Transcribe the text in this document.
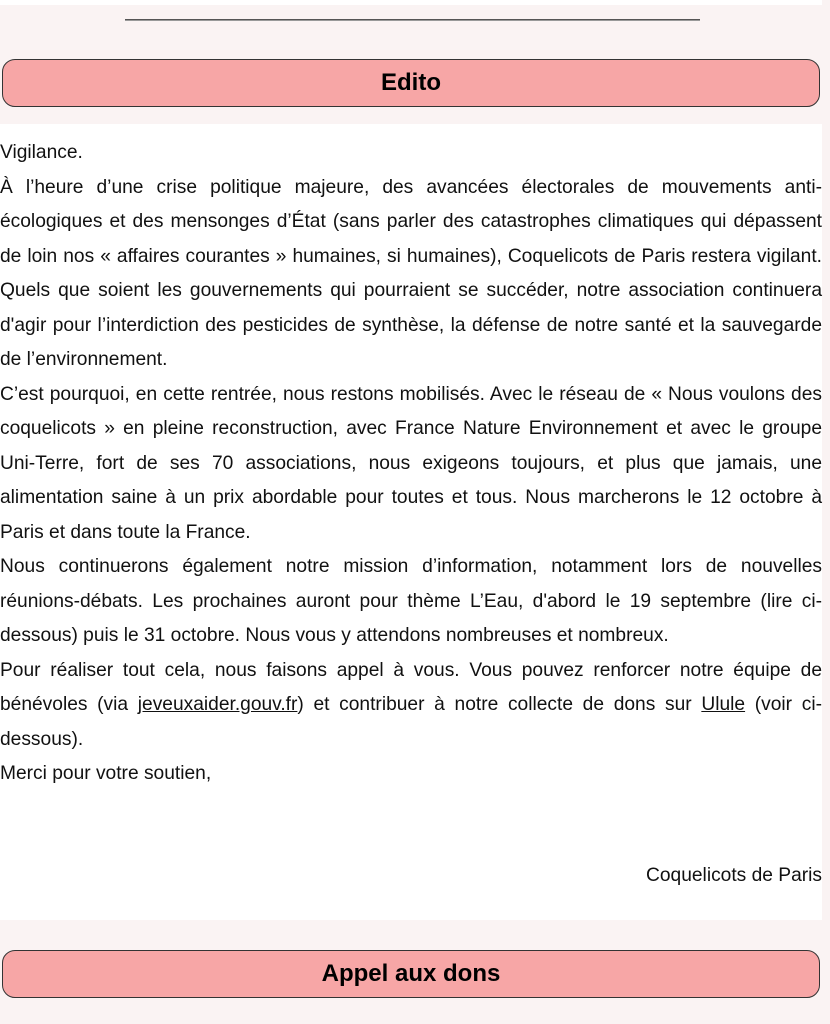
Edito

Vigilance.

À l’heure d’une crise politique majeure, des avancées électorales de mouvements anti-écologiques et des mensonges d’État (sans parler des catastrophes climatiques qui dépassent de loin nos « affaires courantes » humaines, si humaines), Coquelicots de Paris restera vigilant. Quels que soient les gouvernements qui pourraient se succéder, notre association continuera d'agir pour l’interdiction des pesticides de synthèse, la défense de notre santé et la sauvegarde de l’environnement.

C’est pourquoi, en cette rentrée, nous restons mobilisés. Avec le réseau de « Nous voulons des coquelicots » en pleine reconstruction, avec France Nature Environnement et avec le groupe Uni-Terre, fort de ses 70 associations, nous exigeons toujours, et plus que jamais, une alimentation saine à un prix abordable pour toutes et tous. Nous marcherons le 12 octobre à Paris et dans toute la France.

Nous continuerons également notre mission d’information, notamment lors de nouvelles réunions-débats. Les prochaines auront pour thème L’Eau, d'abord le 19 septembre (lire ci-dessous) puis le 31 octobre. Nous vous y attendons nombreuses et nombreux.

Pour réaliser tout cela, nous faisons appel à vous. Vous pouvez renforcer notre équipe de bénévoles (via jeveuxaider.gouv.fr) et contribuer à notre collecte de dons sur Ulule (voir ci-dessous).

Merci pour votre soutien,

Coquelicots de Paris
Appel aux dons
